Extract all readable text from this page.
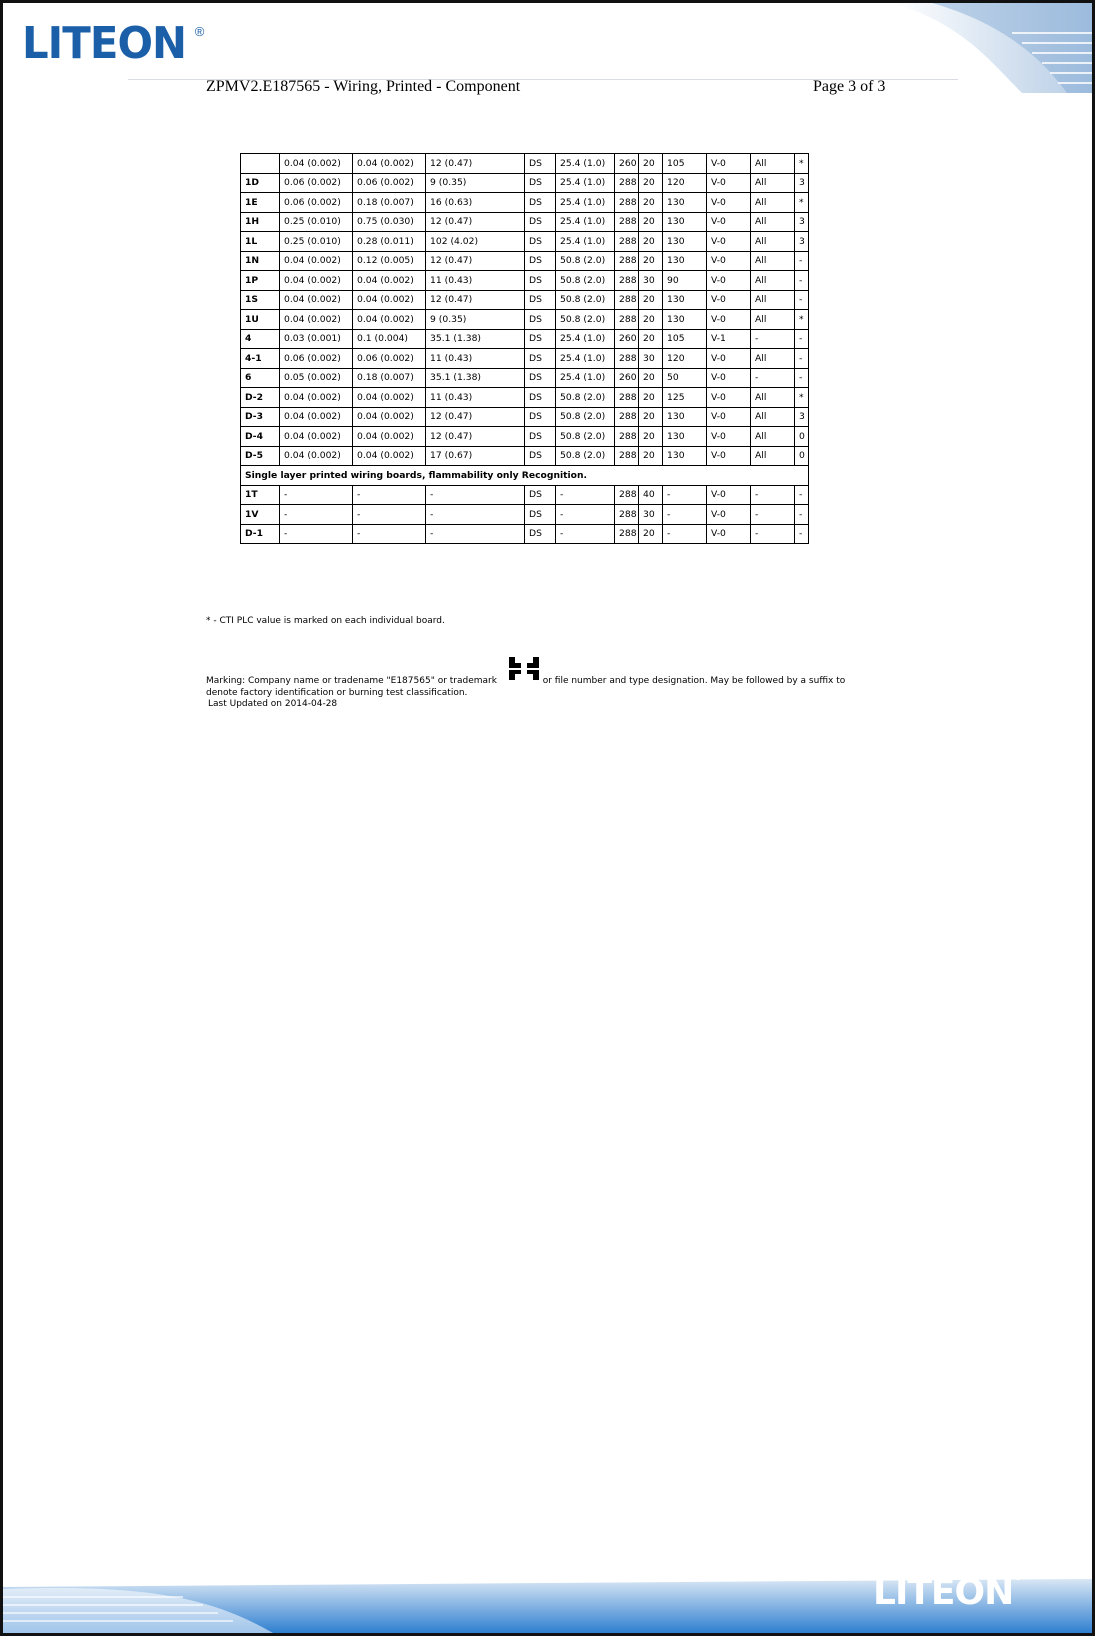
LITEON ®
ZPMV2.E187565 - Wiring, Printed - Component	Page 3 of 3
	0.04 (0.002)	0.04 (0.002)	12 (0.47)	DS	25.4 (1.0)	260	20	105	V-0	All	*
1D	0.06 (0.002)	0.06 (0.002)	9 (0.35)	DS	25.4 (1.0)	288	20	120	V-0	All	3
1E	0.06 (0.002)	0.18 (0.007)	16 (0.63)	DS	25.4 (1.0)	288	20	130	V-0	All	*
1H	0.25 (0.010)	0.75 (0.030)	12 (0.47)	DS	25.4 (1.0)	288	20	130	V-0	All	3
1L	0.25 (0.010)	0.28 (0.011)	102 (4.02)	DS	25.4 (1.0)	288	20	130	V-0	All	3
1N	0.04 (0.002)	0.12 (0.005)	12 (0.47)	DS	50.8 (2.0)	288	20	130	V-0	All	-
1P	0.04 (0.002)	0.04 (0.002)	11 (0.43)	DS	50.8 (2.0)	288	30	90	V-0	All	-
1S	0.04 (0.002)	0.04 (0.002)	12 (0.47)	DS	50.8 (2.0)	288	20	130	V-0	All	-
1U	0.04 (0.002)	0.04 (0.002)	9 (0.35)	DS	50.8 (2.0)	288	20	130	V-0	All	*
4	0.03 (0.001)	0.1 (0.004)	35.1 (1.38)	DS	25.4 (1.0)	260	20	105	V-1	-	-
4-1	0.06 (0.002)	0.06 (0.002)	11 (0.43)	DS	25.4 (1.0)	288	30	120	V-0	All	-
6	0.05 (0.002)	0.18 (0.007)	35.1 (1.38)	DS	25.4 (1.0)	260	20	50	V-0	-	-
D-2	0.04 (0.002)	0.04 (0.002)	11 (0.43)	DS	50.8 (2.0)	288	20	125	V-0	All	*
D-3	0.04 (0.002)	0.04 (0.002)	12 (0.47)	DS	50.8 (2.0)	288	20	130	V-0	All	3
D-4	0.04 (0.002)	0.04 (0.002)	12 (0.47)	DS	50.8 (2.0)	288	20	130	V-0	All	0
D-5	0.04 (0.002)	0.04 (0.002)	17 (0.67)	DS	50.8 (2.0)	288	20	130	V-0	All	0
Single layer printed wiring boards, flammability only Recognition.											
1T	-	-	-	DS	-	288	40	-	V-0	-	-
1V	-	-	-	DS	-	288	30	-	V-0	-	-
D-1	-	-	-	DS	-	288	20	-	V-0	-	-
* - CTI PLC value is marked on each individual board.
Marking: Company name or tradename "E187565" or trademark	or file number and type designation. May be followed by a suffix to denote factory identification or burning test classification.
Last Updated on 2014-04-28
LITEON®
